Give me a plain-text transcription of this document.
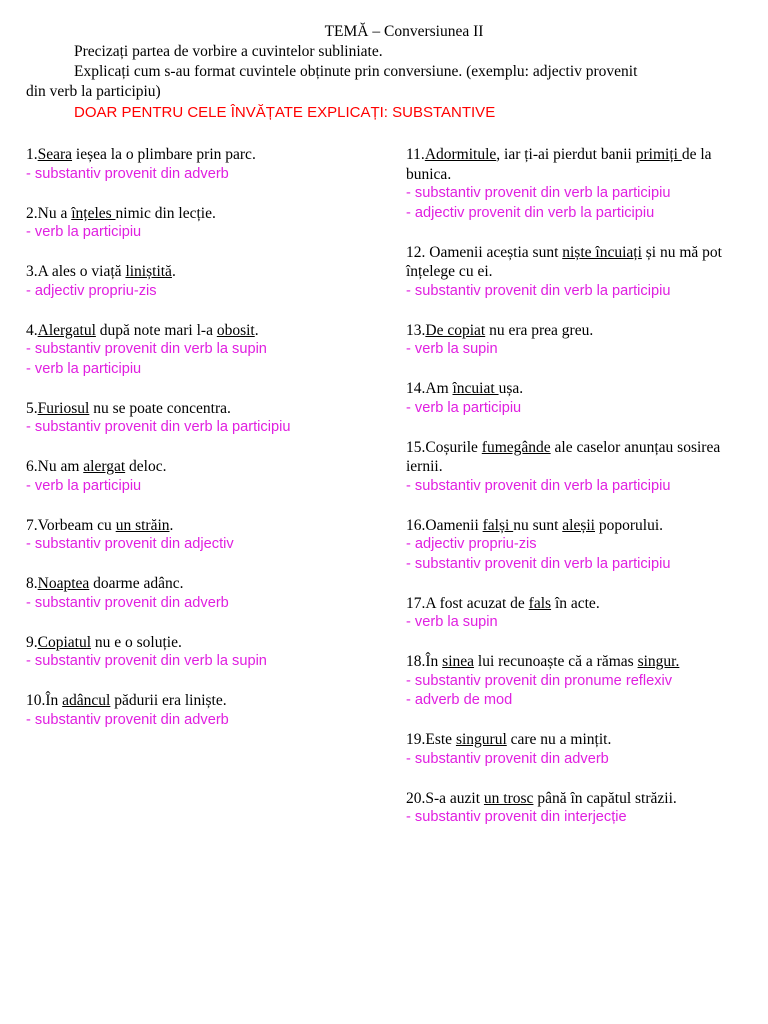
TEMĂ – Conversiunea II
Precizați partea de vorbire a cuvintelor subliniate.
Explicați cum s-au format cuvintele obținute prin conversiune. (exemplu: adjectiv provenit
din verb la participiu)
DOAR PENTRU CELE ÎNVĂȚATE EXPLICAȚI: SUBSTANTIVE
1.Seara ieșea la o plimbare prin parc.
- substantiv provenit din adverb
2.Nu a înțeles nimic din lecție.
- verb la participiu
3.A ales o viață liniștită.
- adjectiv propriu-zis
4.Alergatul după note mari l-a obosit.
- substantiv provenit din verb la supin
- verb la participiu
5.Furiosul nu se poate concentra.
- substantiv provenit din verb la participiu
6.Nu am alergat deloc.
- verb la participiu
7.Vorbeam cu un străin.
- substantiv provenit din adjectiv
8.Noaptea doarme adânc.
- substantiv provenit din adverb
9.Copiatul nu e o soluție.
- substantiv provenit din verb la supin
10.În adâncul pădurii era liniște.
- substantiv provenit din adverb
11.Adormitule, iar ți-ai pierdut banii primiți de la bunica.
- substantiv provenit din verb la participiu
- adjectiv provenit din verb la participiu
12. Oamenii aceștia sunt niște încuiați și nu mă pot înțelege cu ei.
- substantiv provenit din verb la participiu
13.De copiat nu era prea greu.
- verb la supin
14.Am încuiat ușa.
- verb la participiu
15.Coșurile fumegânde ale caselor anunțau sosirea iernii.
- substantiv provenit din verb la participiu
16.Oamenii falși nu sunt aleșii poporului.
- adjectiv propriu-zis
- substantiv provenit din verb la participiu
17.A fost acuzat de fals în acte.
- verb la supin
18.În sinea lui recunoaște că a rămas singur.
- substantiv provenit din pronume reflexiv
- adverb de mod
19.Este singurul care nu a mințit.
- substantiv provenit din adverb
20.S-a auzit un trosc până în capătul străzii.
- substantiv provenit din interjecție
